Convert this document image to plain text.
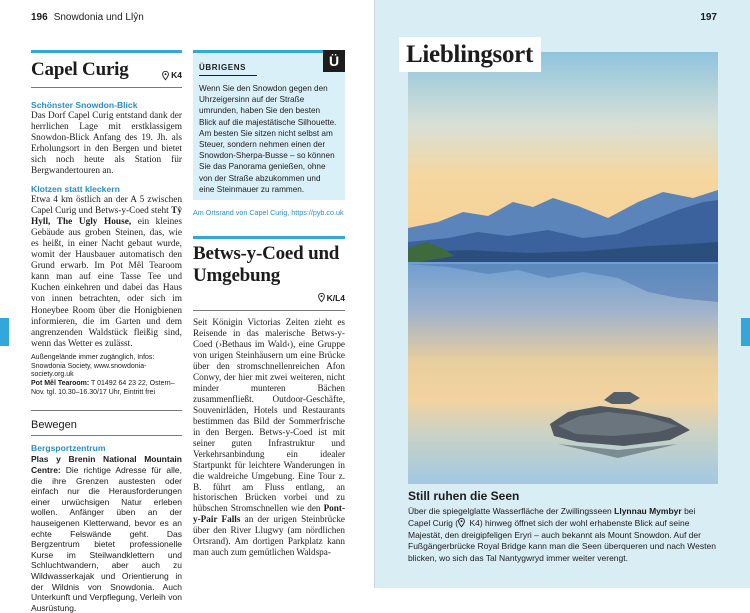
196 Snowdonia und Llŷn
Capel Curig	K4
Schönster Snowdon-Blick

Das Dorf Capel Curig entstand dank der herrlichen Lage mit erstklassigem Snowdon-Blick Anfang des 19. Jh. als Erholungsort in den Bergen und bietet sich noch heute als Station für Bergwandertouren an.

Klotzen statt kleckern

Etwa 4 km östlich an der A 5 zwischen Capel Curig und Betws-y-Coed steht Tŷ Hyll, The Ugly House, ein kleines Gebäude aus groben Steinen, das, wie es heißt, in einer Nacht gebaut wurde, womit der Hausbauer automatisch den Grund erwarb. Im Pot Mêl Tearoom kann man auf eine Tasse Tee und Kuchen einkehren und dabei das Haus von innen betrachten, oder sich im Honeybee Room über die Honigbienen informieren, die im Garten und dem angrenzenden Waldstück fleißig sind, wenn das Wetter es zulässt.

Außengelände immer zugänglich, Infos: Snowdonia Society, www.snowdonia-society.org.uk

Pot Mêl Tearoom: T 01492 64 23 22, Ostern–Nov. tgl. 10.30–16.30/17 Uhr, Eintritt frei

Bewegen
Bergsportzentrum

Plas y Brenin National Mountain Centre: Die richtige Adresse für alle, die ihre Grenzen austesten oder einfach nur die Herausforderungen einer urwüchsigen Natur erleben wollen. Anfänger üben an der hauseigenen Kletterwand, bevor es an echte Felswände geht. Das Bergzentrum bietet professionelle Kurse im Steilwandklettern und Schluchtwandern, aber auch zu Wildwasserkajak und Orientierung in der Wildnis von Snowdonia. Auch Unterkunft und Verpflegung, Verleih von Ausrüstung.

Ü
ÜBRIGENS

Wenn Sie den Snowdon gegen den Uhrzeigersinn auf der Straße umrunden, haben Sie den besten Blick auf die majestätische Silhouette. Am besten Sie sitzen nicht selbst am Steuer, sondern nehmen einen der Snowdon-Sherpa-Busse – so können Sie das Panorama genießen, ohne von der Straße abzukommen und eine Steinmauer zu rammen.

Am Ortsrand von Capel Curig, https://pyb.co.uk

Betws-y-Coed und Umgebung
K/L4

Seit Königin Victorias Zeiten zieht es Reisende in das malerische Betws-y-Coed (›Bethaus im Wald‹), eine Gruppe von urigen Steinhäusern um eine Brücke über den stromschnellenreichen Afon Conwy, der hier mit zwei weiteren, nicht minder munteren Bächen zusammenfließt. Outdoor-Geschäfte, Souvenirläden, Hotels und Restaurants bestimmen das Bild der Sommerfrische in den Bergen. Betws-y-Coed ist mit seiner guten Infrastruktur und Verkehrsanbindung ein idealer Startpunkt für leichtere Wanderungen in die waldreiche Umgebung. Eine Tour z. B. führt am Fluss entlang, an historischen Brücken vorbei und zu hübschen Stromschnellen wie den Pont-y-Pair Falls an der urigen Steinbrücke über den River Llugwy (am nördlichen Ortsrand). Am dortigen Parkplatz kann man auch zum gemütlichen Waldspa-

197
Lieblingsort
Still ruhen die Seen

Über die spiegelglatte Wasserfläche der Zwillingsseen Llynnau Mymbyr bei Capel Curig ( K4) hinweg öffnet sich der wohl erhabenste Blick auf seine Majestät, den dreigipfeligen Eryri – auch bekannt als Mount Snowdon. Auf der Fußgängerbrücke Royal Bridge kann man die Seen überqueren und nach Westen blicken, wo sich das Tal Nantygwryd immer weiter verengt.
